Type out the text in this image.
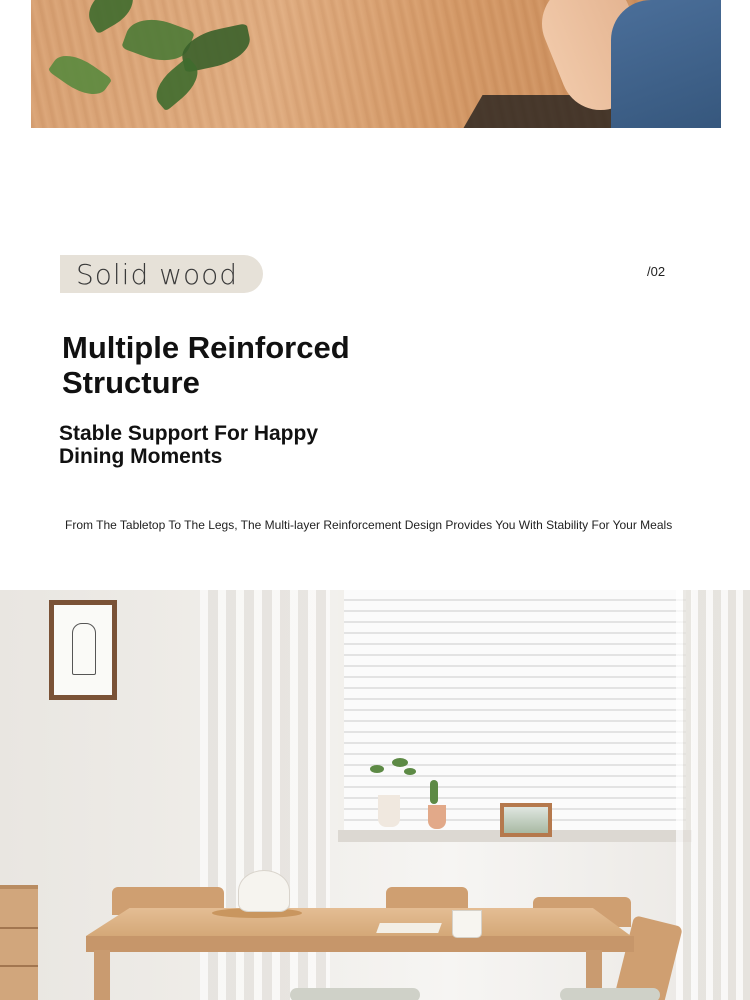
Solid wood	/02
Multiple Reinforced Structure
Stable Support For Happy Dining Moments

From The Tabletop To The Legs, The Multi-layer Reinforcement Design Provides You With Stability For Your Meals
